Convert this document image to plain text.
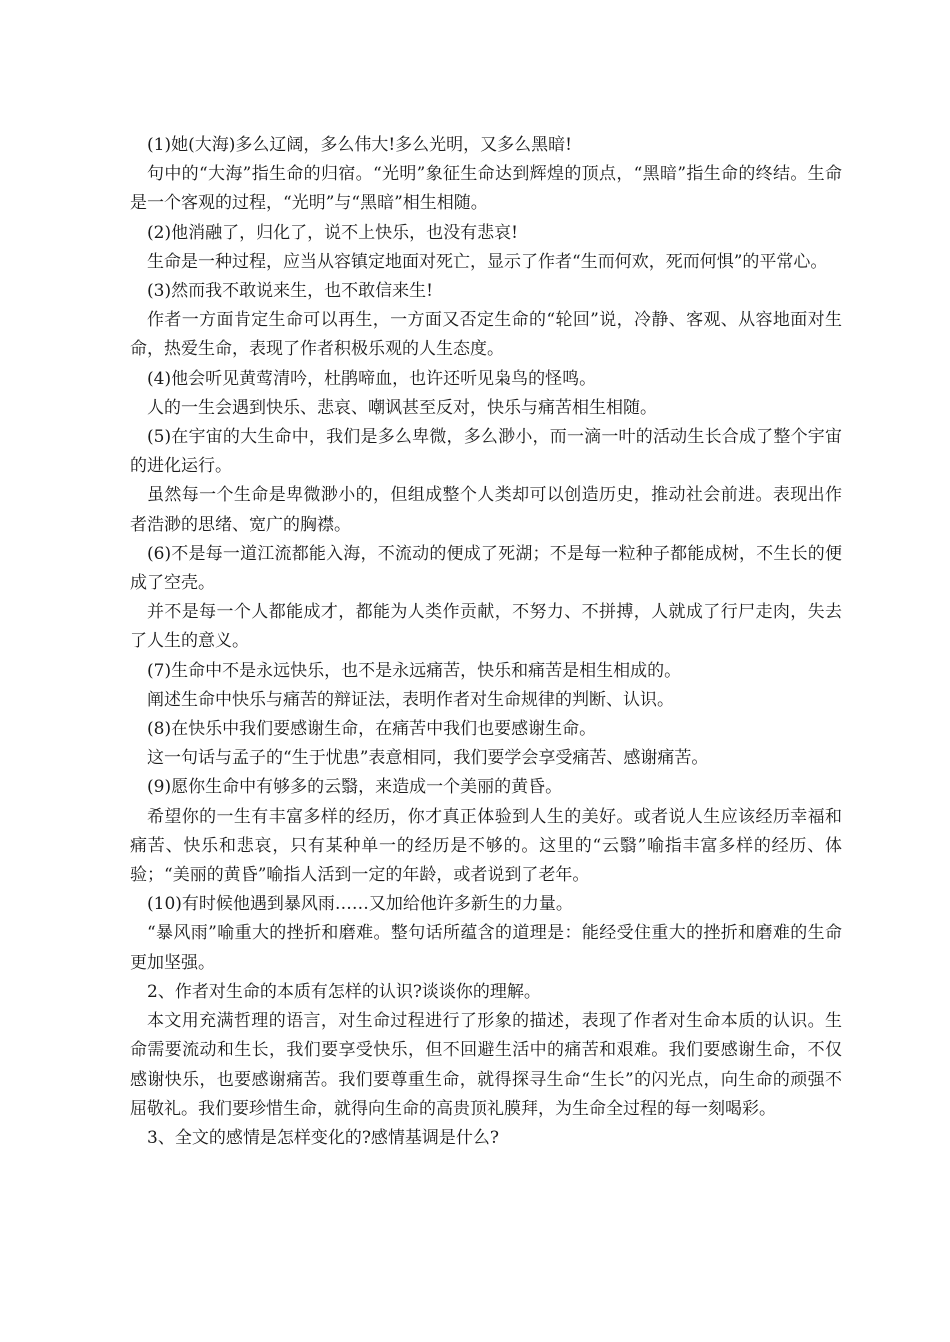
(1)她(大海)多么辽阔，多么伟大!多么光明，又多么黑暗!

句中的“大海”指生命的归宿。“光明”象征生命达到辉煌的顶点，“黑暗”指生命的终结。生命是一个客观的过程，“光明”与“黑暗”相生相随。

(2)他消融了，归化了，说不上快乐，也没有悲哀!

生命是一种过程，应当从容镇定地面对死亡，显示了作者“生而何欢，死而何惧”的平常心。

(3)然而我不敢说来生，也不敢信来生!

作者一方面肯定生命可以再生，一方面又否定生命的“轮回”说，冷静、客观、从容地面对生命，热爱生命，表现了作者积极乐观的人生态度。

(4)他会听见黄莺清吟，杜鹃啼血，也许还听见枭鸟的怪鸣。

人的一生会遇到快乐、悲哀、嘲讽甚至反对，快乐与痛苦相生相随。

(5)在宇宙的大生命中，我们是多么卑微，多么渺小，而一滴一叶的活动生长合成了整个宇宙的进化运行。

虽然每一个生命是卑微渺小的，但组成整个人类却可以创造历史，推动社会前进。表现出作者浩渺的思绪、宽广的胸襟。

(6)不是每一道江流都能入海，不流动的便成了死湖；不是每一粒种子都能成树，不生长的便成了空壳。

并不是每一个人都能成才，都能为人类作贡献，不努力、不拼搏，人就成了行尸走肉，失去了人生的意义。

(7)生命中不是永远快乐，也不是永远痛苦，快乐和痛苦是相生相成的。

阐述生命中快乐与痛苦的辩证法，表明作者对生命规律的判断、认识。

(8)在快乐中我们要感谢生命，在痛苦中我们也要感谢生命。

这一句话与孟子的“生于忧患”表意相同，我们要学会享受痛苦、感谢痛苦。

(9)愿你生命中有够多的云翳，来造成一个美丽的黄昏。

希望你的一生有丰富多样的经历，你才真正体验到人生的美好。或者说人生应该经历幸福和痛苦、快乐和悲哀，只有某种单一的经历是不够的。这里的“云翳”喻指丰富多样的经历、体验；“美丽的黄昏”喻指人活到一定的年龄，或者说到了老年。

(10)有时候他遇到暴风雨……又加给他许多新生的力量。

“暴风雨”喻重大的挫折和磨难。整句话所蕴含的道理是：能经受住重大的挫折和磨难的生命更加坚强。

2、作者对生命的本质有怎样的认识?谈谈你的理解。

本文用充满哲理的语言，对生命过程进行了形象的描述，表现了作者对生命本质的认识。生命需要流动和生长，我们要享受快乐，但不回避生活中的痛苦和艰难。我们要感谢生命，不仅感谢快乐，也要感谢痛苦。我们要尊重生命，就得探寻生命“生长”的闪光点，向生命的顽强不屈敬礼。我们要珍惜生命，就得向生命的高贵顶礼膜拜，为生命全过程的每一刻喝彩。

3、全文的感情是怎样变化的?感情基调是什么?
